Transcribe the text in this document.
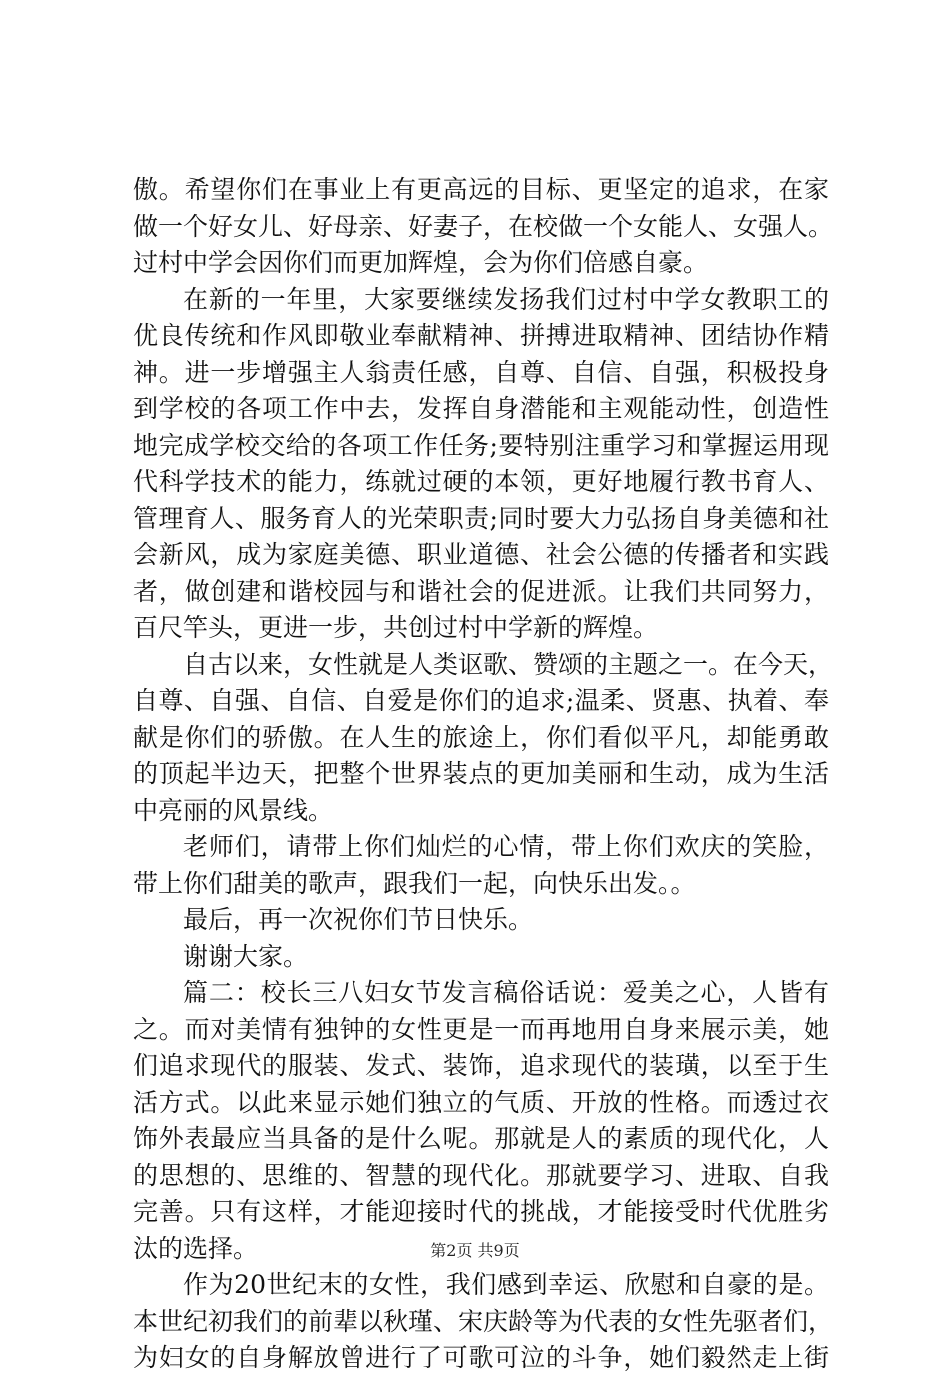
傲。希望你们在事业上有更高远的目标、更坚定的追求，在家
做一个好女儿、好母亲、好妻子，在校做一个女能人、女强人。
过村中学会因你们而更加辉煌，会为你们倍感自豪。
在新的一年里，大家要继续发扬我们过村中学女教职工的
优良传统和作风即敬业奉献精神、拼搏进取精神、团结协作精
神。进一步增强主人翁责任感，自尊、自信、自强，积极投身
到学校的各项工作中去，发挥自身潜能和主观能动性，创造性
地完成学校交给的各项工作任务;要特别注重学习和掌握运用现
代科学技术的能力，练就过硬的本领，更好地履行教书育人、
管理育人、服务育人的光荣职责;同时要大力弘扬自身美德和社
会新风，成为家庭美德、职业道德、社会公德的传播者和实践
者，做创建和谐校园与和谐社会的促进派。让我们共同努力，
百尺竿头，更进一步，共创过村中学新的辉煌。
自古以来，女性就是人类讴歌、赞颂的主题之一。在今天，
自尊、自强、自信、自爱是你们的追求;温柔、贤惠、执着、奉
献是你们的骄傲。在人生的旅途上，你们看似平凡，却能勇敢
的顶起半边天，把整个世界装点的更加美丽和生动，成为生活
中亮丽的风景线。
老师们，请带上你们灿烂的心情，带上你们欢庆的笑脸，
带上你们甜美的歌声，跟我们一起，向快乐出发。。
最后，再一次祝你们节日快乐。
谢谢大家。
篇二：校长三八妇女节发言稿俗话说：爱美之心，人皆有
之。而对美情有独钟的女性更是一而再地用自身来展示美，她
们追求现代的服装、发式、装饰，追求现代的装璜，以至于生
活方式。以此来显示她们独立的气质、开放的性格。而透过衣
饰外表最应当具备的是什么呢。那就是人的素质的现代化，人
的思想的、思维的、智慧的现代化。那就要学习、进取、自我
完善。只有这样，才能迎接时代的挑战，才能接受时代优胜劣
汰的选择。
作为20世纪末的女性，我们感到幸运、欣慰和自豪的是。
本世纪初我们的前辈以秋瑾、宋庆龄等为代表的女性先驱者们，
为妇女的自身解放曾进行了可歌可泣的斗争，她们毅然走上街
第2页 共9页
